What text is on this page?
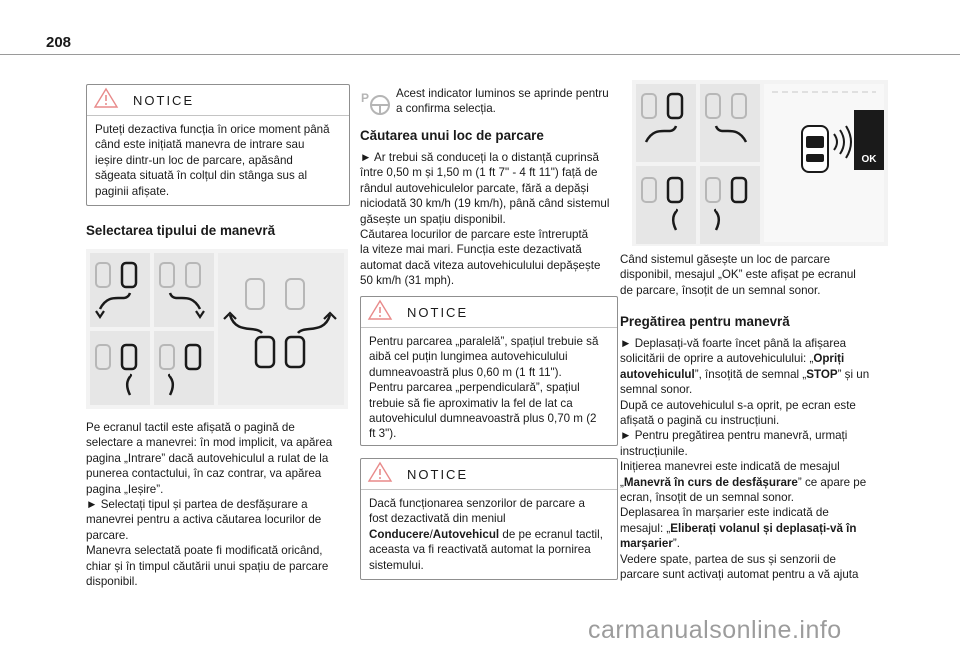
208
NOTICE
Puteți dezactiva funcția în orice moment până
când este inițiată manevra de intrare sau
ieșire dintr-un loc de parcare, apăsând
săgeata situată în colțul din stânga sus al
paginii afișate.
Selectarea tipului de manevră
Pe ecranul tactil este afișată o pagină de
selectare a manevrei: în mod implicit, va apărea
pagina „Intrare” dacă autovehiculul a rulat de la
punerea contactului, în caz contrar, va apărea
pagina „Ieșire”.
► Selectați tipul și partea de desfășurare a
manevrei pentru a activa căutarea locurilor de
parcare.
Manevra selectată poate fi modificată oricând,
chiar și în timpul căutării unui spațiu de parcare
disponibil.
P Acest indicator luminos se aprinde pentru
a confirma selecția.
Căutarea unui loc de parcare
► Ar trebui să conduceți la o distanță cuprinsă
între 0,50 m și 1,50 m (1 ft 7" - 4 ft 11") față de
rândul autovehiculelor parcate, fără a depăși
niciodată 30 km/h (19 km/h), până când sistemul
găsește un spațiu disponibil.
Căutarea locurilor de parcare este întreruptă
la viteze mai mari. Funcția este dezactivată
automat dacă viteza autovehiculului depășește
50 km/h (31 mph).
NOTICE
Pentru parcarea „paralelă”, spațiul trebuie să
aibă cel puțin lungimea autovehiculului
dumneavoastră plus 0,60 m (1 ft 11").
Pentru parcarea „perpendiculară”, spațiul
trebuie să fie aproximativ la fel de lat ca
autovehiculul dumneavoastră plus 0,70 m (2
ft 3").
NOTICE
Dacă funcționarea senzorilor de parcare a
fost dezactivată din meniul
Conducere/Autovehicul de pe ecranul tactil,
aceasta va fi reactivată automat la pornirea
sistemului.
OK
Când sistemul găsește un loc de parcare
disponibil, mesajul „OK” este afișat pe ecranul
de parcare, însoțit de un semnal sonor.
Pregătirea pentru manevră
► Deplasați-vă foarte încet până la afișarea
solicitării de oprire a autovehiculului: „Opriți
autovehiculul”, însoțită de semnal „STOP” și un
semnal sonor.
După ce autovehiculul s-a oprit, pe ecran este
afișată o pagină cu instrucțiuni.
► Pentru pregătirea pentru manevră, urmați
instrucțiunile.
Inițierea manevrei este indicată de mesajul
„Manevră în curs de desfășurare” ce apare pe
ecran, însoțit de un semnal sonor.
Deplasarea în marșarier este indicată de
mesajul: „Eliberați volanul și deplasați-vă în
marșarier”.
Vedere spate, partea de sus și senzorii de
parcare sunt activați automat pentru a vă ajuta
carmanualsonline.info
